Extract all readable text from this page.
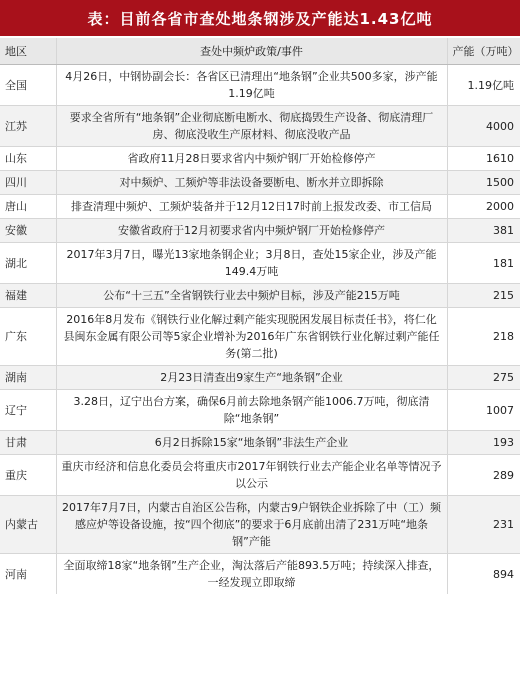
表：目前各省市查处地条钢涉及产能达1.43亿吨
地区	查处中频炉政策/事件	产能（万吨）
全国	4月26日，中钢协副会长：各省区已清理出“地条钢”企业共500多家，涉产能1.19亿吨	1.19亿吨
江苏	要求全省所有“地条钢”企业彻底断电断水、彻底捣毁生产设备、彻底清理厂房、彻底没收生产原材料、彻底没收产品	4000
山东	省政府11月28日要求省内中频炉钢厂开始检修停产	1610
四川	对中频炉、工频炉等非法设备要断电、断水并立即拆除	1500
唐山	排查清理中频炉、工频炉装备并于12月12日17时前上报发改委、市工信局	2000
安徽	安徽省政府于12月初要求省内中频炉钢厂开始检修停产	381
湖北	2017年3月7日，曝光13家地条钢企业；3月8日，查处15家企业，涉及产能149.4万吨	181
福建	公布“十三五”全省钢铁行业去中频炉目标，涉及产能215万吨	215
广东	2016年8月发布《钢铁行业化解过剩产能实现脱困发展目标责任书》，将仁化县闽东金属有限公司等5家企业增补为2016年广东省钢铁行业化解过剩产能任务(第二批)	218
湖南	2月23日清查出9家生产“地条钢”企业	275
辽宁	3.28日，辽宁出台方案，确保6月前去除地条钢产能1006.7万吨，彻底清除“地条钢”	1007
甘肃	6月2日拆除15家“地条钢”非法生产企业	193
重庆	重庆市经济和信息化委员会将重庆市2017年钢铁行业去产能企业名单等情况予以公示	289
内蒙古	2017年7月7日，内蒙古自治区公告称，内蒙古9户钢铁企业拆除了中（工）频感应炉等设备设施，按“四个彻底”的要求于6月底前出清了231万吨“地条钢”产能	231
河南	全面取缔18家“地条钢”生产企业，淘汰落后产能893.5万吨；持续深入排查，一经发现立即取缔	894
